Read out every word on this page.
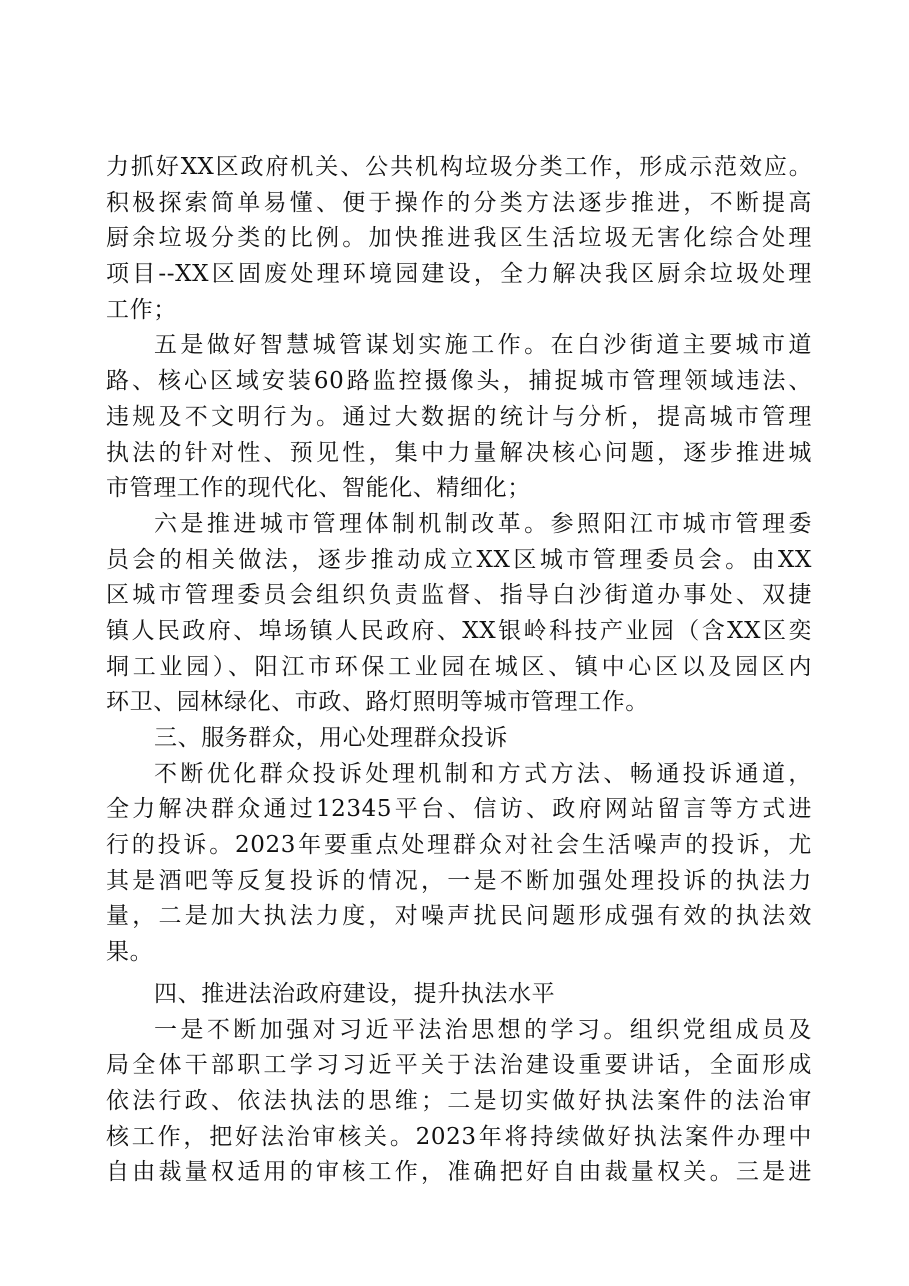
力抓好XX区政府机关、公共机构垃圾分类工作，形成示范效应。
积极探索简单易懂、便于操作的分类方法逐步推进，不断提高
厨余垃圾分类的比例。加快推进我区生活垃圾无害化综合处理
项目--XX区固废处理环境园建设，全力解决我区厨余垃圾处理
工作；
五是做好智慧城管谋划实施工作。在白沙街道主要城市道
路、核心区域安装60路监控摄像头，捕捉城市管理领域违法、
违规及不文明行为。通过大数据的统计与分析，提高城市管理
执法的针对性、预见性，集中力量解决核心问题，逐步推进城
市管理工作的现代化、智能化、精细化；
六是推进城市管理体制机制改革。参照阳江市城市管理委
员会的相关做法，逐步推动成立XX区城市管理委员会。由XX
区城市管理委员会组织负责监督、指导白沙街道办事处、双捷
镇人民政府、埠场镇人民政府、XX银岭科技产业园（含XX区奕
垌工业园）、阳江市环保工业园在城区、镇中心区以及园区内
环卫、园林绿化、市政、路灯照明等城市管理工作。
三、服务群众，用心处理群众投诉
不断优化群众投诉处理机制和方式方法、畅通投诉通道，
全力解决群众通过12345平台、信访、政府网站留言等方式进
行的投诉。2023年要重点处理群众对社会生活噪声的投诉，尤
其是酒吧等反复投诉的情况，一是不断加强处理投诉的执法力
量，二是加大执法力度，对噪声扰民问题形成强有效的执法效
果。
四、推进法治政府建设，提升执法水平
一是不断加强对习近平法治思想的学习。组织党组成员及
局全体干部职工学习习近平关于法治建设重要讲话，全面形成
依法行政、依法执法的思维；二是切实做好执法案件的法治审
核工作，把好法治审核关。2023年将持续做好执法案件办理中
自由裁量权适用的审核工作，准确把好自由裁量权关。三是进
